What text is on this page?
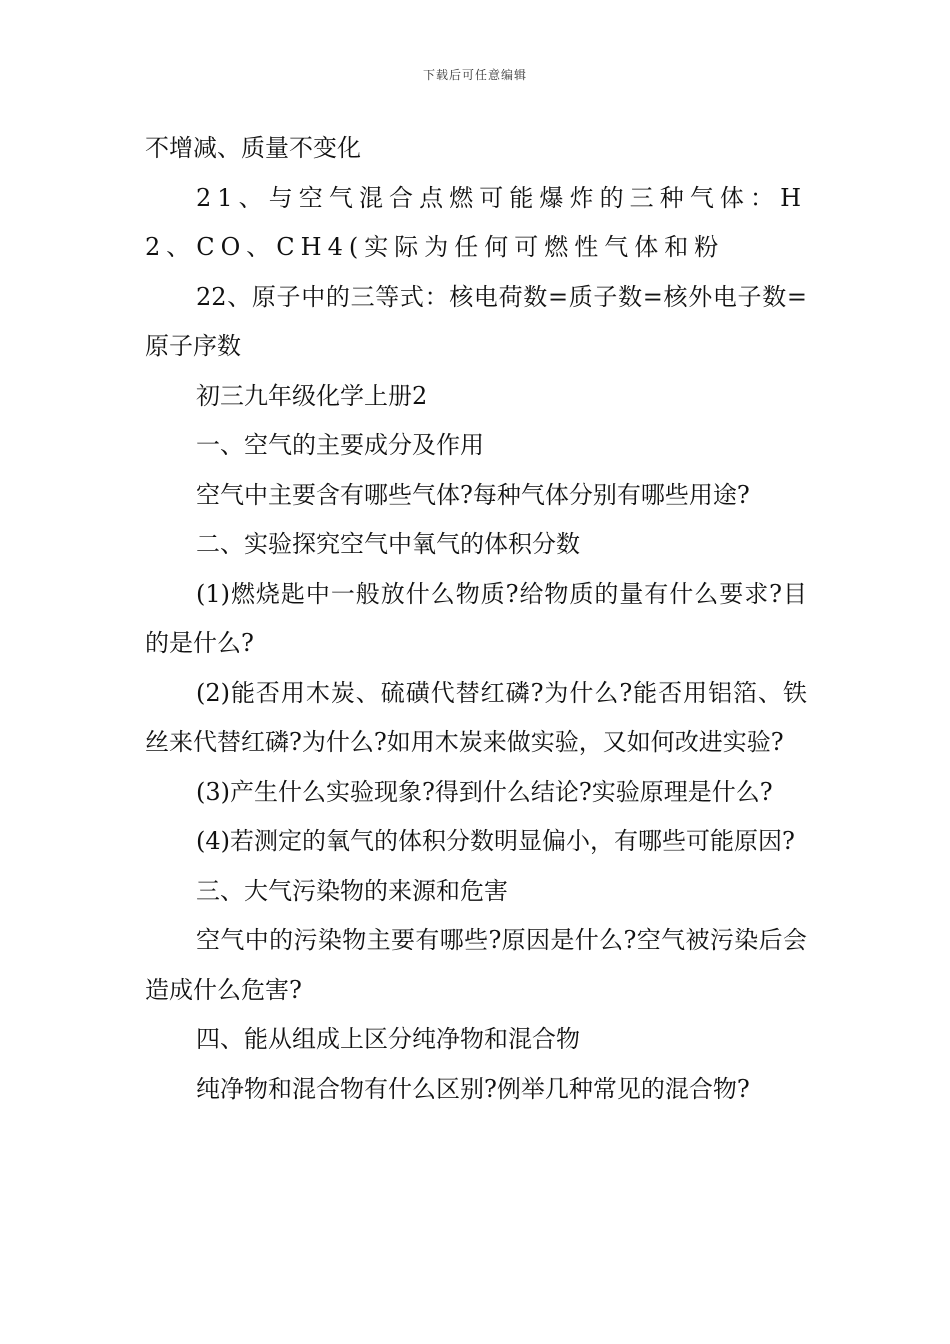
下载后可任意编辑

不增减、质量不变化

21、与空气混合点燃可能爆炸的三种气体：H2、CO、CH4(实际为任何可燃性气体和粉

22、原子中的三等式：核电荷数=质子数=核外电子数=原子序数

初三九年级化学上册2

一、空气的主要成分及作用

空气中主要含有哪些气体?每种气体分别有哪些用途?

二、实验探究空气中氧气的体积分数

(1)燃烧匙中一般放什么物质?给物质的量有什么要求?目的是什么?

(2)能否用木炭、硫磺代替红磷?为什么?能否用铝箔、铁丝来代替红磷?为什么?如用木炭来做实验，又如何改进实验?

(3)产生什么实验现象?得到什么结论?实验原理是什么?

(4)若测定的氧气的体积分数明显偏小，有哪些可能原因?

三、大气污染物的来源和危害

空气中的污染物主要有哪些?原因是什么?空气被污染后会造成什么危害?

四、能从组成上区分纯净物和混合物

纯净物和混合物有什么区别?例举几种常见的混合物?
